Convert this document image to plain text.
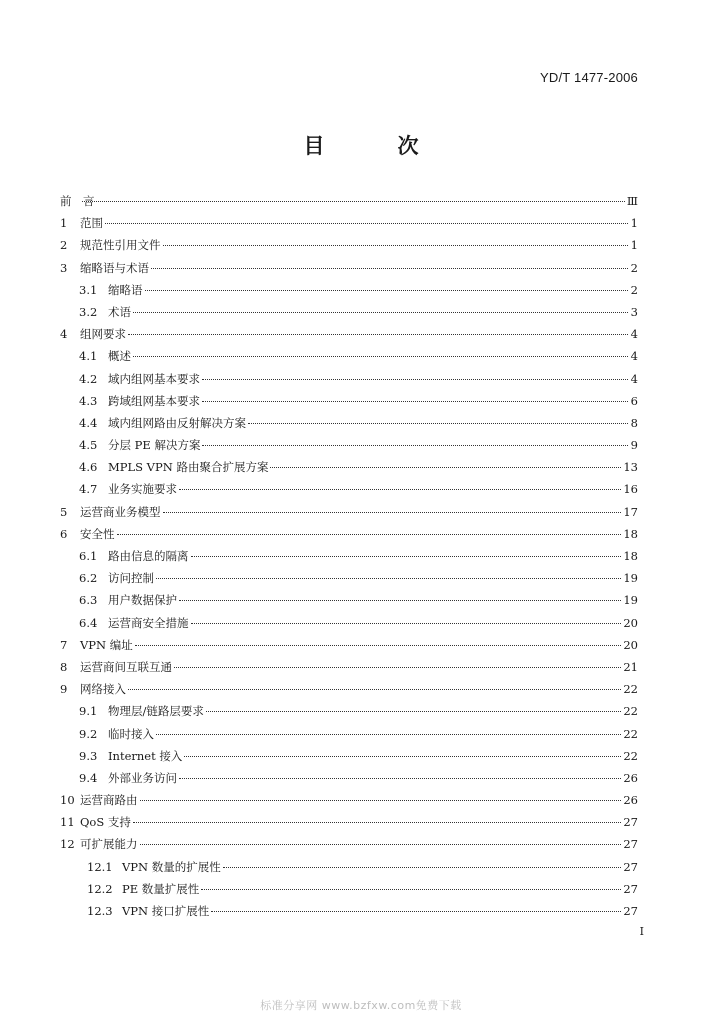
YD/T 1477-2006
目　次
前　言	Ⅲ
1	范围	1
2	规范性引用文件	1
3	缩略语与术语	2
3.1 缩略语	2
3.2 术语	3
4	组网要求	4
4.1 概述	4
4.2 域内组网基本要求	4
4.3 跨域组网基本要求	6
4.4 域内组网路由反射解决方案	8
4.5 分层 PE 解决方案	9
4.6 MPLS VPN 路由聚合扩展方案	13
4.7 业务实施要求	16
5	运营商业务模型	17
6	安全性	18
6.1 路由信息的隔离	18
6.2 访问控制	19
6.3 用户数据保护	19
6.4 运营商安全措施	20
7	VPN 编址	20
8	运营商间互联互通	21
9	网络接入	22
9.1 物理层/链路层要求	22
9.2 临时接入	22
9.3 Internet 接入	22
9.4 外部业务访问	26
10 运营商路由	26
11 QoS 支持	27
12 可扩展能力	27
12.1 VPN 数量的扩展性	27
12.2 PE 数量扩展性	27
12.3 VPN 接口扩展性	27
I
标准分享网 www.bzfxw.com免费下载
